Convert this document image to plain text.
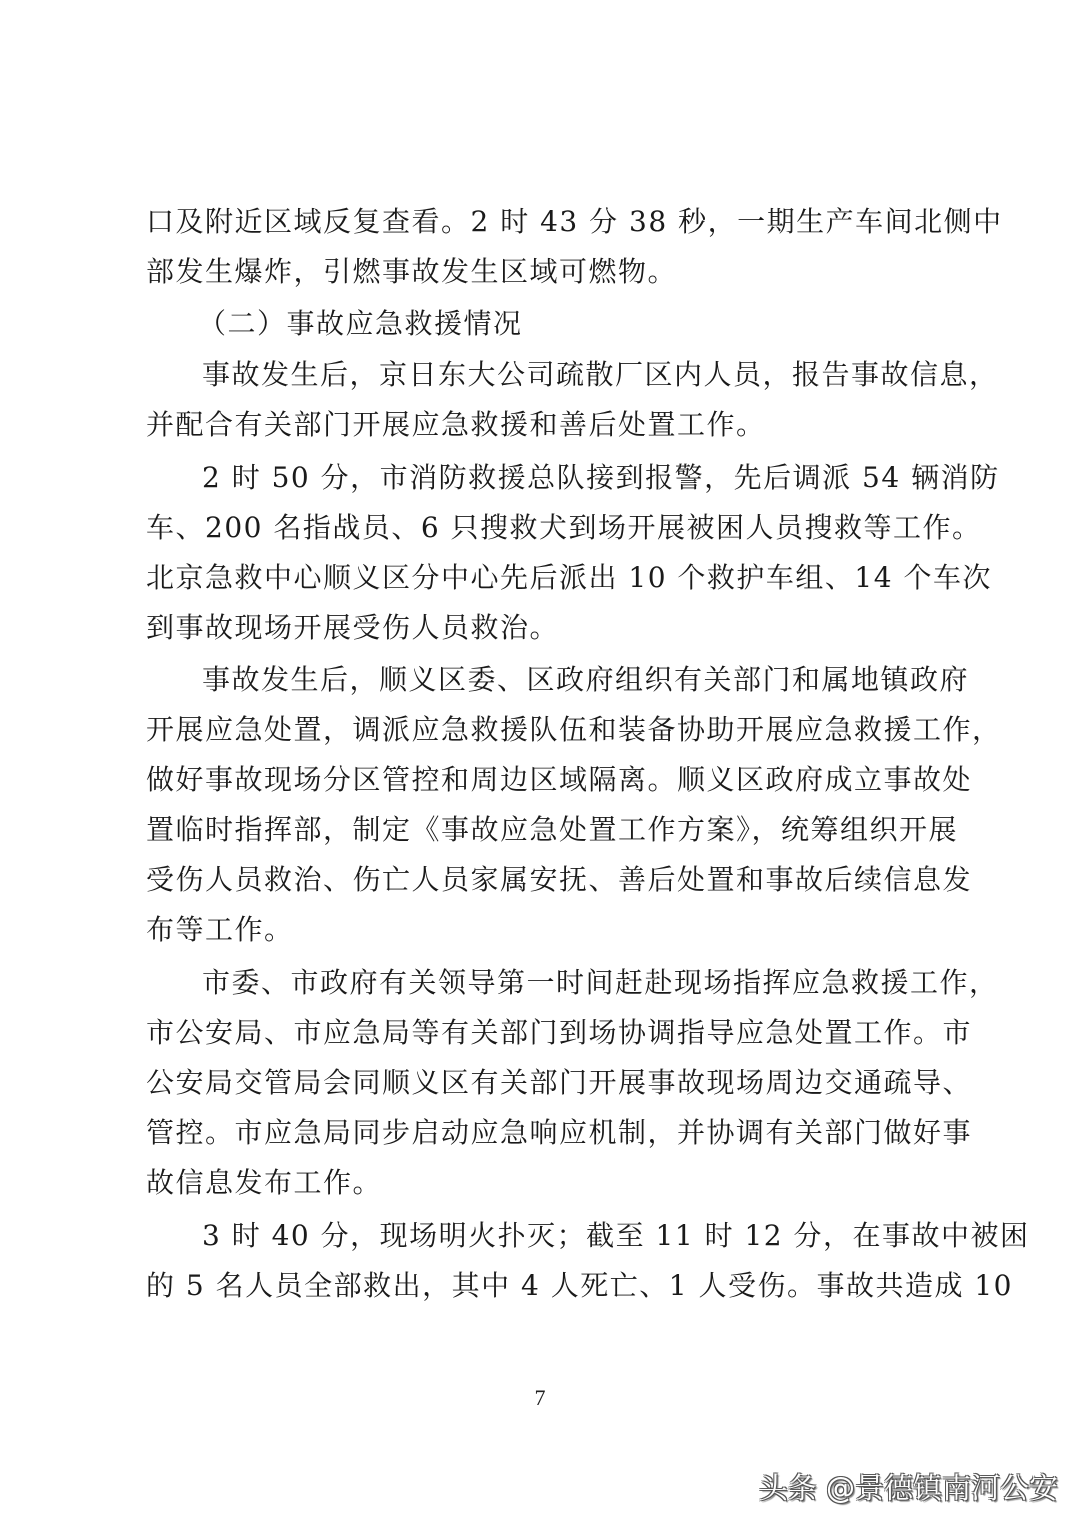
口及附近区域反复查看。2 时 43 分 38 秒，一期生产车间北侧中
部发生爆炸，引燃事故发生区域可燃物。
（二）事故应急救援情况
事故发生后，京日东大公司疏散厂区内人员，报告事故信息，
并配合有关部门开展应急救援和善后处置工作。
2 时 50 分，市消防救援总队接到报警，先后调派 54 辆消防
车、200 名指战员、6 只搜救犬到场开展被困人员搜救等工作。
北京急救中心顺义区分中心先后派出 10 个救护车组、14 个车次
到事故现场开展受伤人员救治。
事故发生后，顺义区委、区政府组织有关部门和属地镇政府
开展应急处置，调派应急救援队伍和装备协助开展应急救援工作，
做好事故现场分区管控和周边区域隔离。顺义区政府成立事故处
置临时指挥部，制定《事故应急处置工作方案》，统筹组织开展
受伤人员救治、伤亡人员家属安抚、善后处置和事故后续信息发
布等工作。
市委、市政府有关领导第一时间赶赴现场指挥应急救援工作，
市公安局、市应急局等有关部门到场协调指导应急处置工作。市
公安局交管局会同顺义区有关部门开展事故现场周边交通疏导、
管控。市应急局同步启动应急响应机制，并协调有关部门做好事
故信息发布工作。
3 时 40 分，现场明火扑灭；截至 11 时 12 分，在事故中被困
的 5 名人员全部救出，其中 4 人死亡、1 人受伤。事故共造成 10
7
头条 @景德镇南河公安
